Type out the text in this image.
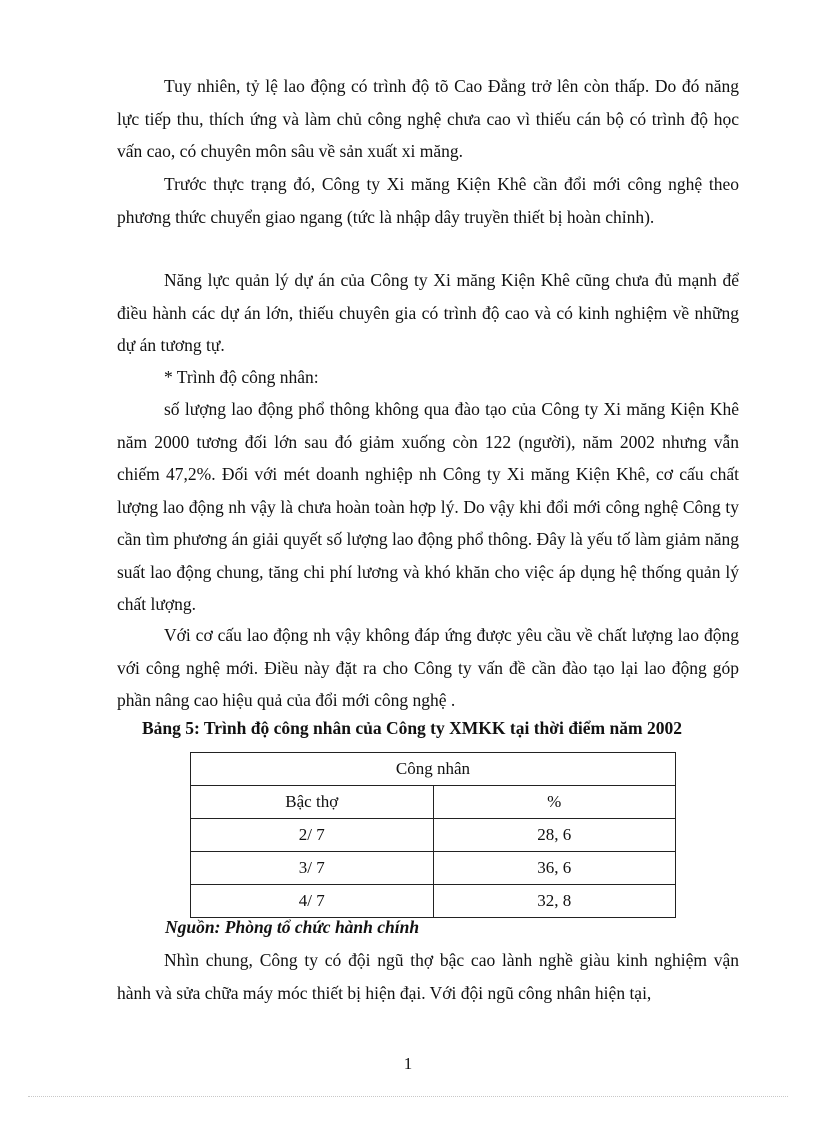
Tuy nhiên, tỷ lệ lao động có trình độ tõ Cao Đẳng trở lên còn thấp. Do đó năng lực tiếp thu, thích ứng và làm chủ công nghệ chưa cao vì thiếu cán bộ có trình độ học vấn cao, có chuyên môn sâu về sản xuất xi măng.

Trước thực trạng đó, Công ty Xi măng Kiện Khê cần đổi mới công nghệ theo phương thức chuyển giao ngang (tức là nhập dây truyền thiết bị hoàn chỉnh).

Năng lực quản lý dự án của Công ty Xi măng Kiện Khê cũng chưa đủ mạnh để điều hành các dự án lớn, thiếu chuyên gia có trình độ cao và có kinh nghiệm về những dự án tương tự.

* Trình độ công nhân:

số lượng lao động phổ thông không qua đào tạo của Công ty Xi măng Kiện Khê năm 2000 tương đối lớn sau đó giảm xuống còn 122 (người), năm 2002 nhưng vẫn chiếm 47,2%. Đối với mét doanh nghiệp nh Công ty Xi măng Kiện Khê, cơ cấu chất lượng lao động nh vậy là chưa hoàn toàn hợp lý. Do vậy khi đổi mới công nghệ Công ty cần tìm phương án giải quyết số lượng lao động phổ thông. Đây là yếu tố làm giảm năng suất lao động chung, tăng chi phí lương và khó khăn cho việc áp dụng hệ thống quản lý chất lượng.

Với cơ cấu lao động nh vậy không đáp ứng được yêu cầu về chất lượng lao động với công nghệ mới. Điều này đặt ra cho Công ty vấn đề cần đào tạo lại lao động góp phần nâng cao hiệu quả của đổi mới công nghệ .

Bảng 5: Trình độ công nhân của Công ty XMKK tại thời điểm năm 2002

Công nhân	
Bậc thợ	%
2/ 7	28, 6
3/ 7	36, 6
4/ 7	32, 8

Nguồn: Phòng tổ chức hành chính

Nhìn chung, Công ty có đội ngũ thợ bậc cao lành nghề giàu kinh nghiệm vận hành và sửa chữa máy móc thiết bị hiện đại. Với đội ngũ công nhân hiện tại,

1
